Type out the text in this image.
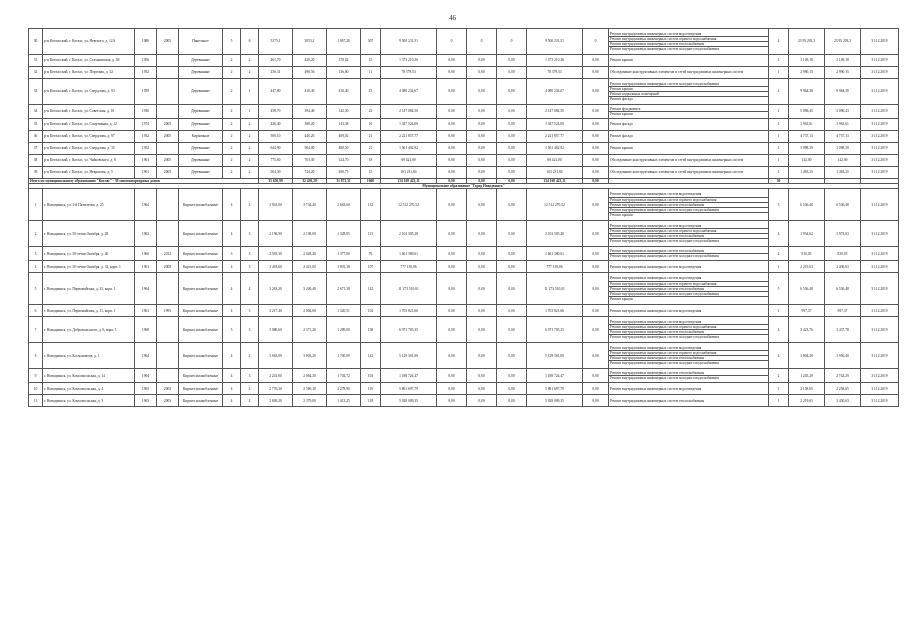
46
30	р-н Котласский, г. Котлас, ул. Невского, д. 12А	1980	2005	Панельное	5	6	5375,1	5053,2	1 867,28	307	9 500 231,51	0	0	0	9 500 231,51	0	Ремонт внутридомовых инженерных систем водоотведения
Ремонт внутридомовых инженерных систем горячего водоснабжения
Ремонт внутридомовых инженерных систем теплоснабжения
Ремонт внутридомовых инженерных систем холодного водоснабжения	4	23 95 293,3	23 95 293,2	31.12.2019
31	р-н Котласский, г. Котлас, ул. Стахановская, д. 38	1956		Деревянные	2	2	461,70	420,20	378,02	15	1 373 210,36	0,00	0,00	0,00	1 373 210,36	0,00	Ремонт крыши	1	3 149,18	3 149,18	31.12.2019
32	р-н Котласский, г. Котлас, ул. Портовая, д. 32	1952		Деревянные	2	2	256,31	498,56	136,00	11	78 379,53	0,00	0,00	0,00	78 379,53	0,00	Обследование конструктивных элементов и сетей внутридомовых инженерных систем	1	2 990,15	2 990,15	31.12.2019
33	р-н Котласский, г. Котлас, ул. Свердлова, д. 93	1959		Деревянные	2	1	447,80	410,40	410,40	15	4 080 234,67	0,00	0,00	0,00	4 080 234,67	0,00	Ремонт внутридомовых инженерных систем холодного водоснабжения
Ремонт крыши
Ремонт подвальных помещений
Ремонт фасада	4	9 964,38	9 964,38	31.12.2019
34	р-н Котласский, г. Котлас, ул. Советская, д. 10	1930		Деревянные	2	1	458,70	394,40	142,30	22	2 147 084,50	0,00	0,00	0,00	2 147 084,50	0,00	Ремонт фундамента
Ремонт крыши	2	5 096,43	5 096,43	31.12.2019
35	р-н Котласский, г. Котлас, ул. Спортивная, д. 12	1974	2005	Деревянные	2	2	426,40	388,20	143,38	16	1 347 524,00	0,00	0,00	0,00	1 347 524,00	0,00	Ремонт фасада	1	3 963,61	3 963,61	31.12.2019
36	р-н Котласский, г. Котлас, ул. Свердлова, д. 97	1932	2005	Кирпичные	2	2	500,10	440,20	469,02	21	2 221 857,77	0,00	0,00	0,00	2 221 857,77	0,00	Ремонт фасада	1	4 737,13	4 737,13	31.12.2019
37	р-н Котласский, г. Котлас, ул. Свердлова, д. 35	1952		Деревянные	2	2	644,90	584,00	400,50	21	1 561 402,92	0,00	0,00	0,00	1 561 402,92	0,00	Ремонт крыши	1	3 098,39	3 098,39	31.12.2019
38	р-н Котласский, г. Котлас, ул. Чайковского, д. 8	1961	2005	Деревянные	2	2	775,60	703,30	324,70	18	69 421,00	0,00	0,00	0,00	69 421,00	0,00	Обследование конструктивных элементов и сетей внутридомовых инженерных систем	1	142,00	142,00	31.12.2019
39	р-н Котласский, г. Котлас, ул. Некрасова, д. 5	1961	2005	Деревянные	2	2	504,30	724,20	300,75	15	103 231,84	0,00	0,00	0,00	103 231,84	0,00	Обследование конструктивных элементов и сетей внутридомовых инженерных систем	1	1 463,25	1 463,25	31.12.2019
Итого по муниципальному образованию "Котлас" - 39 многоквартирных домов							35 650,99	32 430,29	31 871,31	1660	134 168 423,11	0,00	0,00	0,00	134 168 423,11	0,00		36			
Муниципальное образование "Город Новодвинск"																					
1	г. Новодвинск, ул. 3-й Пятилетки, д. 25	1964		Кирпич шлакоблочные	4	4	3 941,00	3 734,40	2 663,60	132	12 512 270,52	0,00	0,00	0,00	12 512 270,52	0,00	Ремонт внутридомовых инженерных систем водоотведения
Ремонт внутридомовых инженерных систем горячего водоснабжения
Ремонт внутридомовых инженерных систем теплоснабжения
Ремонт внутридомовых инженерных систем холодного водоснабжения
Ремонт крыши	5	6 536,48	6 536,48	31.12.2019
2	г. Новодвинск, ул. 50-летия Октября, д. 28	1963		Кирпич шлакоблочные	4	3	2 196,90	2 108,00	1 328,05	113	2 102 305,28	0,00	0,00	0,00	2 102 305,28	0,00	Ремонт внутридомовых инженерных систем водоотведения
Ремонт внутридомовых инженерных систем горячего водоснабжения
Ремонт внутридомовых инженерных систем теплоснабжения
Ремонт внутридомовых инженерных систем холодного водоснабжения	4	1 934,62	3 974,63	31.12.2019
3	г. Новодвинск, ул. 50-летия Октября, д. 40	1960	2012	Кирпич шлакоблочные	3	3	2 503,30	2 028,40	1 377,00	76	1 661 380,61	0,00	0,00	0,00	1 661 380,61	0,00	Ремонт внутридомовых инженерных систем теплоснабжения
Ремонт внутридомовых инженерных систем холодного водоснабжения	2	810,05	830,05	31.12.2019
4	г. Новодвинск, ул. 50-летия Октября, д. 32, корп. 1	1961	2009	Кирпич шлакоблочные	4	3	3 418,60	2 421,00	1 801,18	107	777 139,06	0,00	0,00	0,00	777 139,06	0,00	Ремонт внутридомовых инженерных систем водоотведения	1	2 219,63	2 430,63	31.12.2019
5	г. Новодвинск, ул. Первомайская, д. 23, корп. 1	1964		Кирпич шлакоблочные	4	4	3 263,20	3 240,40	2 671,30	142	11 273 510,01	0,00	0,00	0,00	11 273 510,01	0,00	Ремонт внутридомовых инженерных систем водоотведения
Ремонт внутридомовых инженерных систем горячего водоснабжения
Ремонт внутридомовых инженерных систем теплоснабжения
Ремонт внутридомовых инженерных систем холодного водоснабжения
Ремонт крыши	5	6 536,48	6 536,48	31.12.2019
6	г. Новодвинск, ул. Первомайская, д. 31, корп. 1	1961	1993	Кирпич шлакоблочные	4	3	2 217,40	2 004,00	1 320,51	102	1 703 821,66	0,00	0,00	0,00	1 703 821,66	0,00	Ремонт внутридомовых инженерных систем водоотведения	1	997,37	997,37	31.12.2019
7	г. Новодвинск, ул. Добровольского, д. 6, корп. 1	1968		Кирпич шлакоблочные	5	3	3 080,60	2 371,20	1 289,00	138	6 971 705,35	0,00	0,00	0,00	6 971 705,35	0,00	Ремонт внутридомовых инженерных систем водоотведения
Ремонт внутридомовых инженерных систем горячего водоснабжения
Ремонт внутридомовых инженерных систем теплоснабжения
Ремонт внутридомовых инженерных систем холодного водоснабжения	4	3 423,76	3 437,78	31.12.2019
8	г. Новодвинск, ул. Космонавтов, д. 1	1964		Кирпич шлакоблочные	4	4	3 063,00	3 003,20	1 740,00	142	5 129 301,00	0,00	0,00	0,00	5 129 301,00	0,00	Ремонт внутридомовых инженерных систем водоотведения
Ремонт внутридомовых инженерных систем горячего водоснабжения
Ремонт внутридомовых инженерных систем теплоснабжения
Ремонт внутридомовых инженерных систем холодного водоснабжения	4	3 804,49	3 956,40	31.12.2019
9	г. Новодвинск, ул. Комсомольская, д. 14	1964		Кирпич шлакоблочные	4	3	2 241,00	2 064,30	1 702,72	103	1 188 724,47	0,00	0,00	0,00	1 188 724,47	0,00	Ремонт внутридомовых инженерных систем теплоснабжения
Ремонт внутридомовых инженерных систем холодного водоснабжения	2	1 245,29	2 742,29	31.12.2019
10	г. Новодвинск, ул. Комсомольская, д. 4	1963	2003	Кирпич шлакоблочные	4	4	2 776,30	2 569,10	2 278,90	119	5 861 697,79	0,00	0,00	0,00	5 861 697,79	0,00	Ремонт внутридомовых инженерных систем водоотведения	1	2 158,65	2 258,65	31.12.2019
11	г. Новодвинск, ул. Комсомольская, д. 3	1963	2003	Кирпич шлакоблочные	4	4	2 849,20	2 379,00	1 413,25	118	5 928 009,35	0,00	0,00	0,00	5 928 009,35	0,00	Ремонт внутридомовых инженерных систем теплоснабжения	1	2 219,63	2 430,63	31.12.2019
